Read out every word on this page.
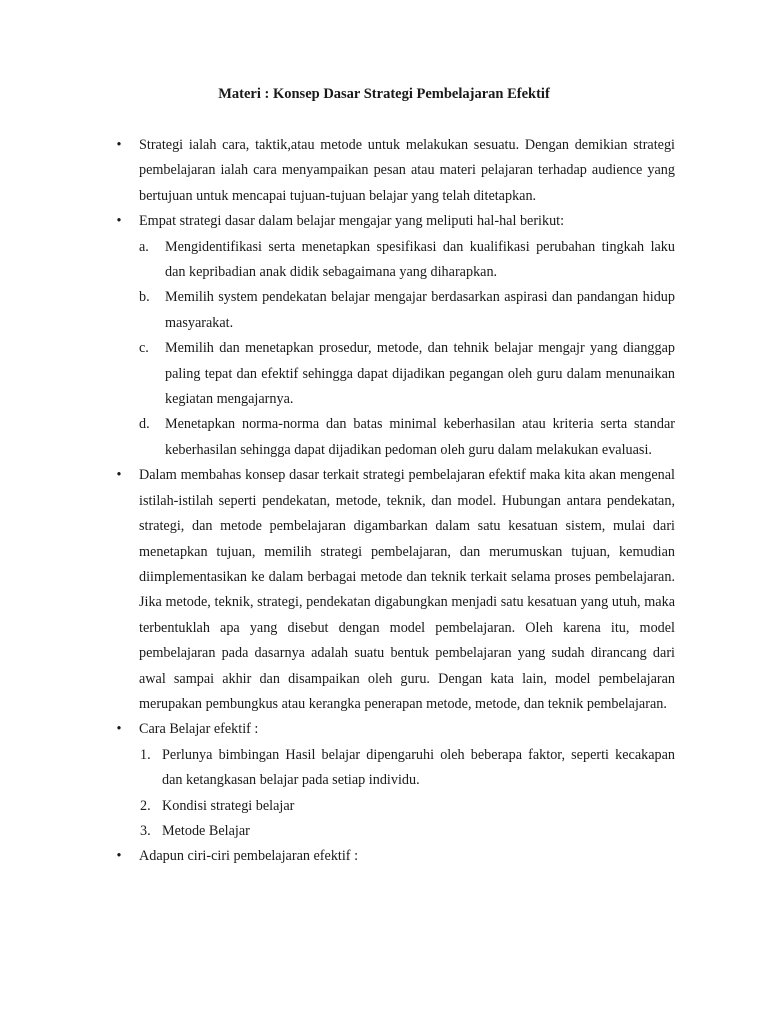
Materi : Konsep Dasar Strategi Pembelajaran Efektif
• Strategi ialah cara, taktik,atau metode untuk melakukan sesuatu. Dengan demikian strategi pembelajaran ialah cara menyampaikan pesan atau materi pelajaran terhadap audience yang bertujuan untuk mencapai tujuan-tujuan belajar yang telah ditetapkan.
• Empat strategi dasar dalam belajar mengajar yang meliputi hal-hal berikut:
a. Mengidentifikasi serta menetapkan spesifikasi dan kualifikasi perubahan tingkah laku dan kepribadian anak didik sebagaimana yang diharapkan.
b. Memilih system pendekatan belajar mengajar berdasarkan aspirasi dan pandangan hidup masyarakat.
c. Memilih dan menetapkan prosedur, metode, dan tehnik belajar mengajr yang dianggap paling tepat dan efektif sehingga dapat dijadikan pegangan oleh guru dalam menunaikan kegiatan mengajarnya.
d. Menetapkan norma-norma dan batas minimal keberhasilan atau kriteria serta standar keberhasilan sehingga dapat dijadikan pedoman oleh guru dalam melakukan evaluasi.
• Dalam membahas konsep dasar terkait strategi pembelajaran efektif maka kita akan mengenal istilah-istilah seperti pendekatan, metode, teknik, dan model. Hubungan antara pendekatan, strategi, dan metode pembelajaran digambarkan dalam satu kesatuan sistem, mulai dari menetapkan tujuan, memilih strategi pembelajaran, dan merumuskan tujuan, kemudian diimplementasikan ke dalam berbagai metode dan teknik terkait selama proses pembelajaran. Jika metode, teknik, strategi, pendekatan digabungkan menjadi satu kesatuan yang utuh, maka terbentuklah apa yang disebut dengan model pembelajaran. Oleh karena itu, model pembelajaran pada dasarnya adalah suatu bentuk pembelajaran yang sudah dirancang dari awal sampai akhir dan disampaikan oleh guru. Dengan kata lain, model pembelajaran merupakan pembungkus atau kerangka penerapan metode, metode, dan teknik pembelajaran.
• Cara Belajar efektif :
1. Perlunya bimbingan Hasil belajar dipengaruhi oleh beberapa faktor, seperti kecakapan dan ketangkasan belajar pada setiap individu.
2. Kondisi strategi belajar
3. Metode Belajar
• Adapun ciri-ciri pembelajaran efektif :
